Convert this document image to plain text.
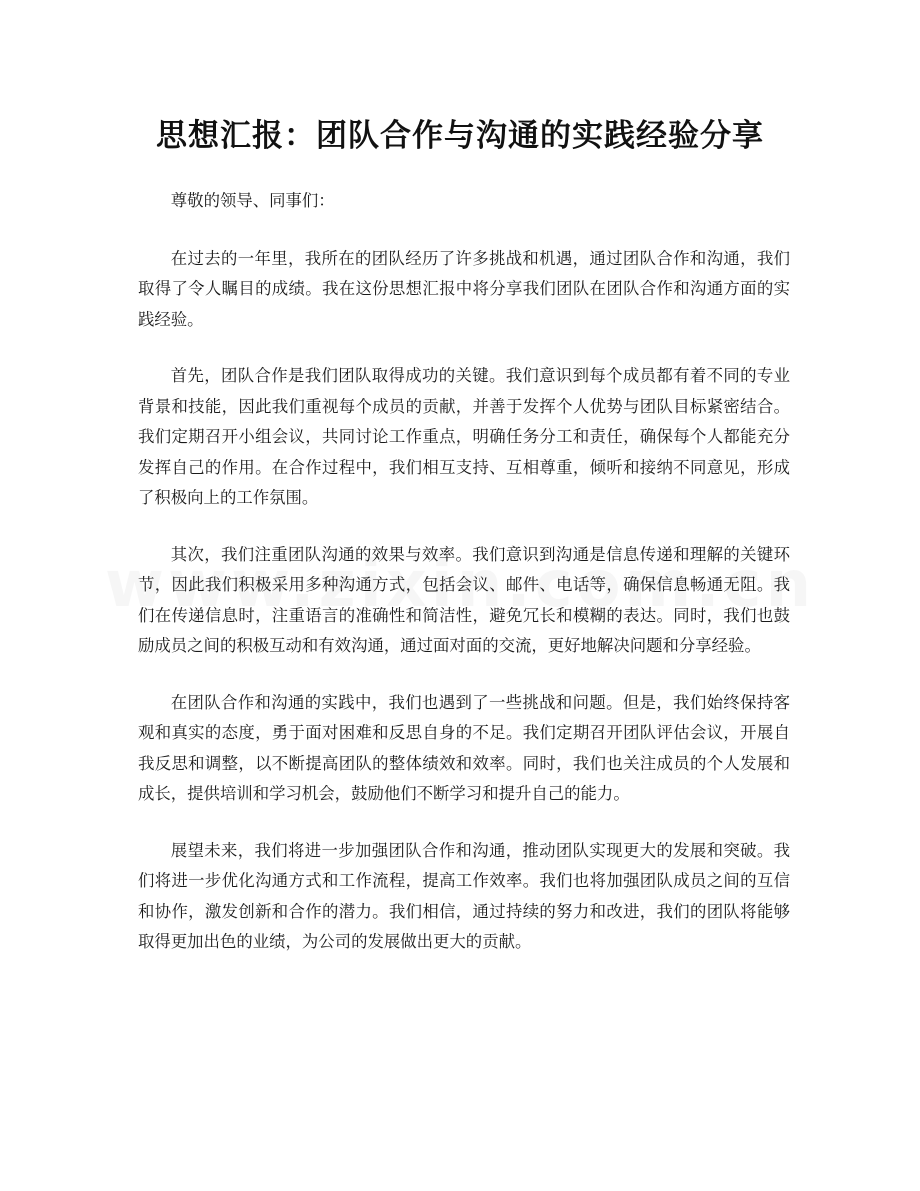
思想汇报：团队合作与沟通的实践经验分享

尊敬的领导、同事们：

在过去的一年里，我所在的团队经历了许多挑战和机遇，通过团队合作和沟通，我们取得了令人瞩目的成绩。我在这份思想汇报中将分享我们团队在团队合作和沟通方面的实践经验。

首先，团队合作是我们团队取得成功的关键。我们意识到每个成员都有着不同的专业背景和技能，因此我们重视每个成员的贡献，并善于发挥个人优势与团队目标紧密结合。我们定期召开小组会议，共同讨论工作重点，明确任务分工和责任，确保每个人都能充分发挥自己的作用。在合作过程中，我们相互支持、互相尊重，倾听和接纳不同意见，形成了积极向上的工作氛围。

其次，我们注重团队沟通的效果与效率。我们意识到沟通是信息传递和理解的关键环节，因此我们积极采用多种沟通方式，包括会议、邮件、电话等，确保信息畅通无阻。我们在传递信息时，注重语言的准确性和简洁性，避免冗长和模糊的表达。同时，我们也鼓励成员之间的积极互动和有效沟通，通过面对面的交流，更好地解决问题和分享经验。

在团队合作和沟通的实践中，我们也遇到了一些挑战和问题。但是，我们始终保持客观和真实的态度，勇于面对困难和反思自身的不足。我们定期召开团队评估会议，开展自我反思和调整，以不断提高团队的整体绩效和效率。同时，我们也关注成员的个人发展和成长，提供培训和学习机会，鼓励他们不断学习和提升自己的能力。

展望未来，我们将进一步加强团队合作和沟通，推动团队实现更大的发展和突破。我们将进一步优化沟通方式和工作流程，提高工作效率。我们也将加强团队成员之间的互信和协作，激发创新和合作的潜力。我们相信，通过持续的努力和改进，我们的团队将能够取得更加出色的业绩，为公司的发展做出更大的贡献。
